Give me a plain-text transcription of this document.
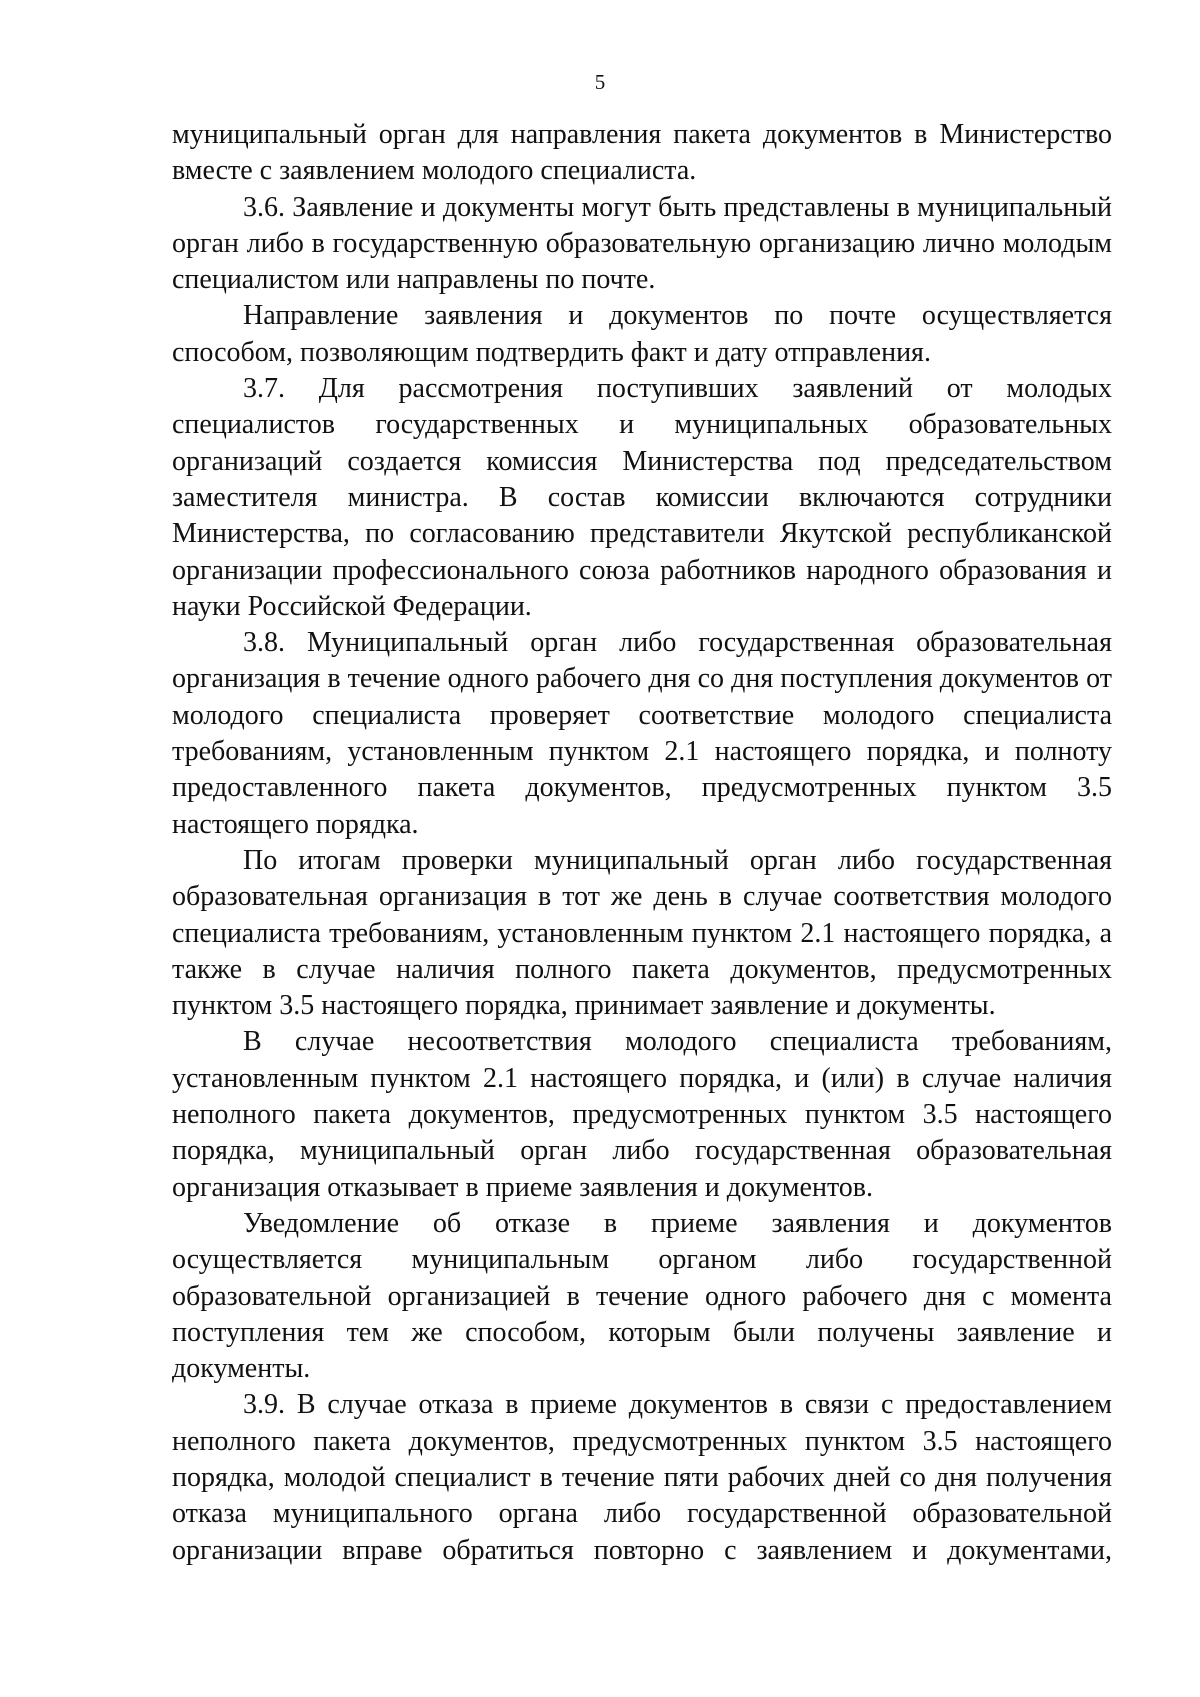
5

муниципальный орган для направления пакета документов в Министерство вместе с заявлением молодого специалиста.

3.6. Заявление и документы могут быть представлены в муниципальный орган либо в государственную образовательную организацию лично молодым специалистом или направлены по почте.

Направление заявления и документов по почте осуществляется способом, позволяющим подтвердить факт и дату отправления.

3.7. Для рассмотрения поступивших заявлений от молодых специалистов государственных и муниципальных образовательных организаций создается комиссия Министерства под председательством заместителя министра. В состав комиссии включаются сотрудники Министерства, по согласованию представители Якутской республиканской организации профессионального союза работников народного образования и науки Российской Федерации.

3.8. Муниципальный орган либо государственная образовательная организация в течение одного рабочего дня со дня поступления документов от молодого специалиста проверяет соответствие молодого специалиста требованиям, установленным пунктом 2.1 настоящего порядка, и полноту предоставленного пакета документов, предусмотренных пунктом 3.5 настоящего порядка.

По итогам проверки муниципальный орган либо государственная образовательная организация в тот же день в случае соответствия молодого специалиста требованиям, установленным пунктом 2.1 настоящего порядка, а также в случае наличия полного пакета документов, предусмотренных пунктом 3.5 настоящего порядка, принимает заявление и документы.

В случае несоответствия молодого специалиста требованиям, установленным пунктом 2.1 настоящего порядка, и (или) в случае наличия неполного пакета документов, предусмотренных пунктом 3.5 настоящего порядка, муниципальный орган либо государственная образовательная организация отказывает в приеме заявления и документов.

Уведомление об отказе в приеме заявления и документов осуществляется муниципальным органом либо государственной образовательной организацией в течение одного рабочего дня с момента поступления тем же способом, которым были получены заявление и документы.

3.9. В случае отказа в приеме документов в связи с предоставлением неполного пакета документов, предусмотренных пунктом 3.5 настоящего порядка, молодой специалист в течение пяти рабочих дней со дня получения отказа муниципального органа либо государственной образовательной организации вправе обратиться повторно с заявлением и документами,
